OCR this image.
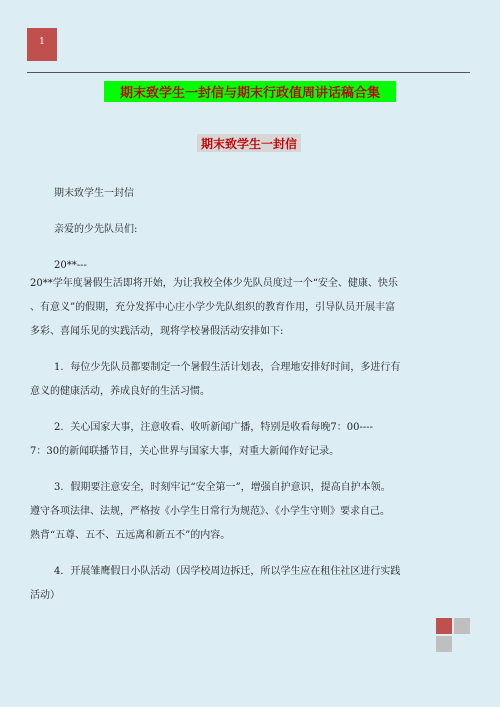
1
期末致学生一封信与期末行政值周讲话稿合集
期末致学生一封信

期末致学生一封信

亲爱的少先队员们:

20**---

20**学年度暑假生活即将开始，为让我校全体少先队员度过一个“安全、健康、快乐

、有意义”的假期，充分发挥中心庄小学少先队组织的教育作用，引导队员开展丰富

多彩、喜闻乐见的实践活动，现将学校暑假活动安排如下:

1．每位少先队员都要制定一个暑假生活计划表，合理地安排好时间，多进行有

意义的健康活动，养成良好的生活习惯。

2．关心国家大事，注意收看、收听新闻广播，特别是收看每晚7：00----

7：30的新闻联播节目，关心世界与国家大事，对重大新闻作好记录。

3．假期要注意安全，时刻牢记“安全第一”，增强自护意识，提高自护本领。

遵守各项法律、法规，严格按《小学生日常行为规范》、《小学生守则》要求自己。

熟背“五尊、五不、五远离和新五不”的内容。

4．开展雏鹰假日小队活动（因学校周边拆迁，所以学生应在租住社区进行实践

活动）
